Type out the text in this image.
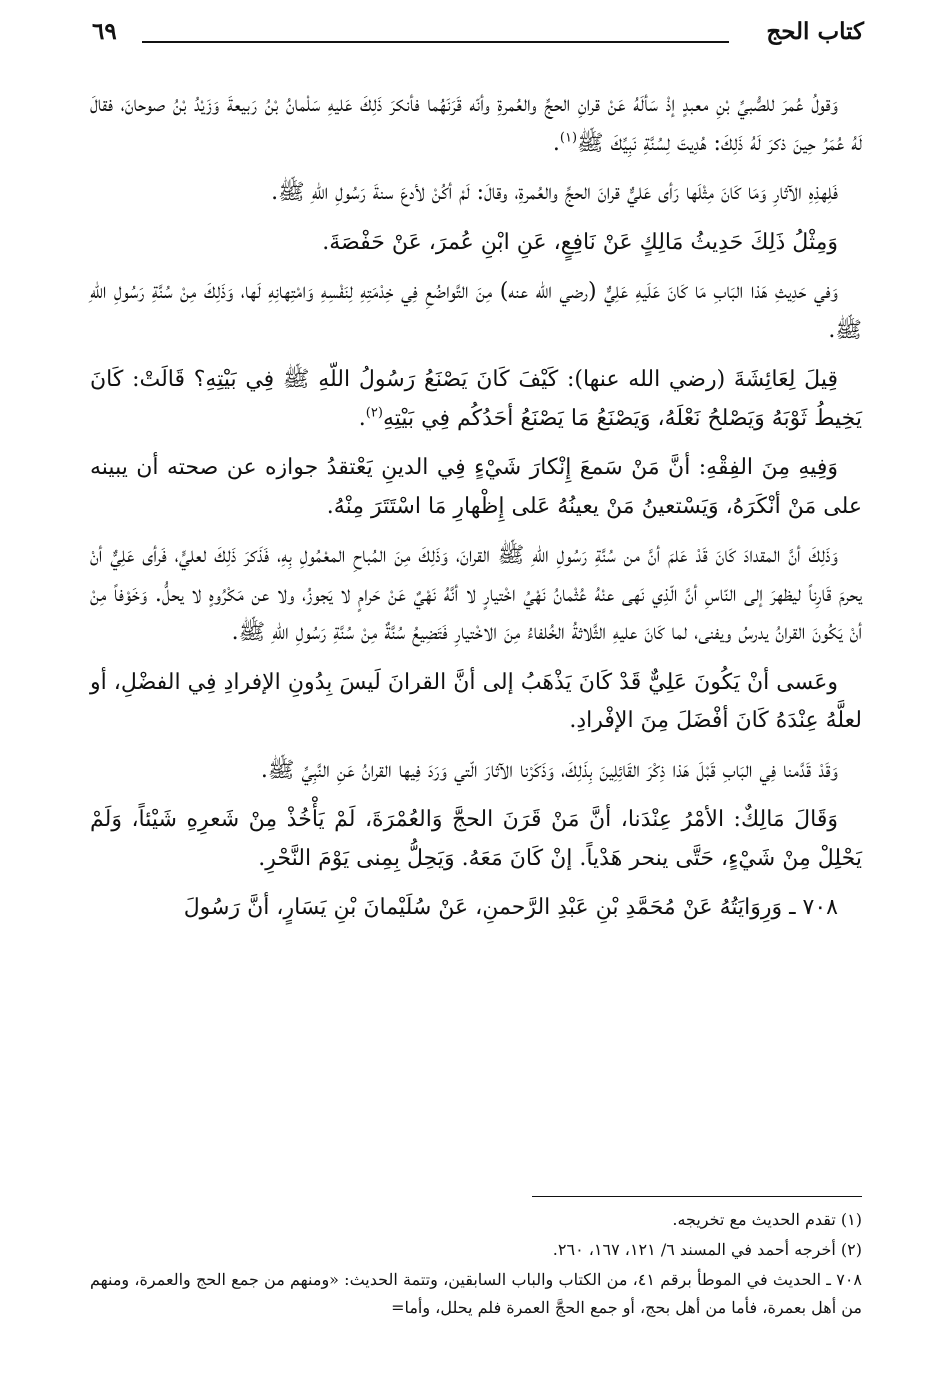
كتاب الحج
٦٩

وَقولُ عُمرَ للصُّبيِّ بْنِ معبدٍ إذْ سَألَهُ عَنْ قرانِ الحجِّ والعُمرةِ وأنّه قَرَنَهُما فأنكرَ ذَلِكَ عَليهِ سَلْمانُ بْنُ رَبيعةَ وَزَيْدُ بْنُ صوحانَ، فقالَ لَهُ عُمَرُ حِينَ ذكرَ لَهُ ذَلِكَ: هُدِيتَ لِسُنَّةِ نَبِيِّكَ ﷺ$^{(١)}$.

فَلِهذِهِ الآثارِ وَمَا كَانَ مِثْلَها رَأى عَليٌّ قرانَ الحجِّ والعُمرةِ، وقالَ: لَمْ أكُنْ لأدعَ سنةَ رَسُولِ اللّهِ ﷺ.

وَمِثْلُ ذَلِكَ حَدِيثُ مَالِكٍ عَنْ نَافِعٍ، عَنِ ابْنِ عُمرَ، عَنْ حَفْصَةَ.

وَفي حَدِيثِ هَذا البَابِ مَا كَانَ عَلَيهِ عَلِيٌّ (رضي الله عنه) مِنَ التَّواضُعِ فِي خِدْمَتِهِ لِنَفْسِهِ وَامْتِهانِهِ لَها، وَذَلِكَ مِنْ سُنَّةِ رَسُولِ اللّهِ ﷺ.

قِيلَ لِعَائِشَةَ (رضي الله عنها): كَيْفَ كَانَ يَصْنَعُ رَسُولُ اللّهِ ﷺ فِي بَيْتِهِ؟ قَالَتْ: كَانَ يَخِيطُ ثَوْبَهُ وَيَصْلحُ نَعْلَهُ، وَيَصْنَعُ مَا يَصْنَعُ أحَدُكُم فِي بَيْتِهِ$^{(٢)}$.

وَفِيهِ مِنَ الفِقْهِ: أنَّ مَنْ سَمعَ إِنْكارَ شَيْءٍ فِي الدينِ يَعْتقدُ جوازه عن صحته أن يبينه على مَنْ أنْكَرَهُ، وَيَسْتعينُ مَنْ يعينُهُ عَلى إِظْهارِ مَا اسْتَتَرَ مِنْهُ.

وَذَلِكَ أنَّ المقدادَ كَانَ قَدْ عَلمَ أنَّ من سُنَّةِ رَسُولِ اللّهِ ﷺ القرانَ، وَذَلِكَ مِنَ المُباحِ المعْمُولِ بِهِ، فَذَكرَ ذَلِكَ لعليٍّ، فَرأى عَلِيٌّ أنْ يحرمَ قَارِناً ليظهرَ إلى النّاسِ أنَّ الّذِي نَهى عنْهُ عُثْمانُ نَهْيُ اخْتيارٍ لا أنَّهُ نَهْيٌ عَنْ حَرامٍ لا يَجوزُ، ولا عن مَكْرُوهٍ لا يحلُّ. وَخَوْفاً مِنْ أنْ يَكُونَ القرانُ يدرسُ ويفنى، لما كَانَ عليهِ الثَّلاثةُ الخُلفاءُ مِنَ الاخْتيارِ فَتَضِيعُ سُنَّةٌ مِنْ سُنَّةِ رَسُولِ اللّهِ ﷺ.

وعَسى أنْ يَكُونَ عَلِيٌّ قَدْ كَانَ يَذْهَبُ إلى أنَّ القرانَ لَيسَ بِدُونِ الإفرادِ فِي الفضْلِ، أو لعلَّهُ عِنْدَهُ كَانَ أفْضَلَ مِنَ الإفْرادِ.

وَقَدْ قَدَّمنا فِي البَابِ قَبْلَ هَذا ذِكْرَ القَائِلِينَ بِذَلِكَ، وَذَكَرْنا الآثارَ الّتي وَرَدَ فِيها القرانُ عَنِ النَّبِيِّ ﷺ.

وَقَالَ مَالِكٌ: الأمْرُ عِنْدَنا، أنَّ مَنْ قَرَنَ الحجَّ وَالعُمْرَةَ، لَمْ يَأْخُذْ مِنْ شَعرِهِ شَيْئاً، وَلَمْ يَحْلِلْ مِنْ شَيْءٍ، حَتَّى ينحر هَدْياً. إنْ كَانَ مَعَهُ. وَيَحِلُّ بِمِنى يَوْمَ النَّحْرِ.

٧٠٨ ـ وَرِوَايَتُهُ عَنْ مُحَمَّدِ بْنِ عَبْدِ الرَّحمنِ، عَنْ سُلَيْمانَ بْنِ يَسَارٍ، أنَّ رَسُولَ

(١) تقدم الحديث مع تخريجه.

(٢) أخرجه أحمد في المسند ٦/ ١٢١، ١٦٧، ٢٦٠.

٧٠٨ ـ الحديث في الموطأ برقم ٤١، من الكتاب والباب السابقين، وتتمة الحديث: «ومنهم من جمع الحج والعمرة، ومنهم من أهل بعمرة، فأما من أهل بحج، أو جمع الحجَّ العمرة فلم يحلل، وأما=
